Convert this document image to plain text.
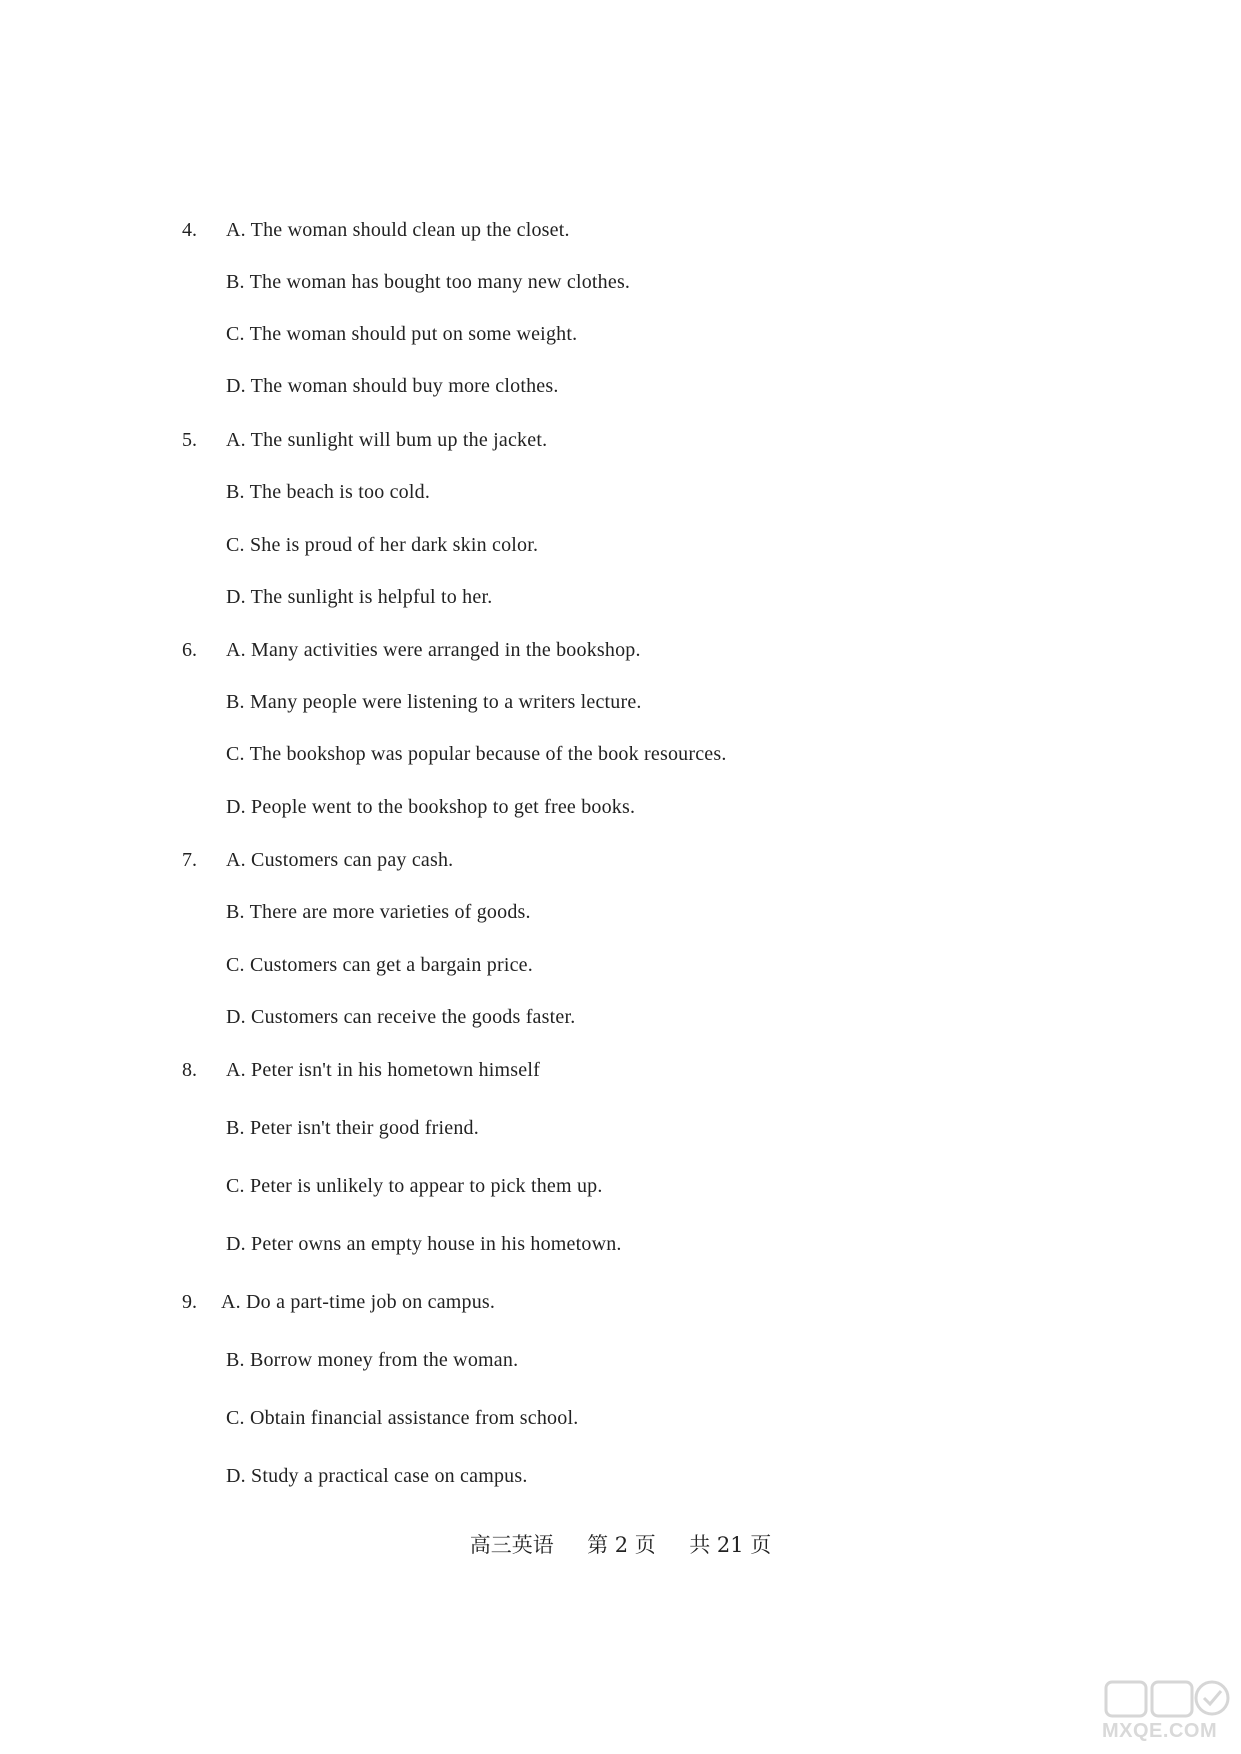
4. A. The woman should clean up the closet.
B. The woman has bought too many new clothes.
C. The woman should put on some weight.
D. The woman should buy more clothes.
5. A. The sunlight will bum up the jacket.
B. The beach is too cold.
C. She is proud of her dark skin color.
D. The sunlight is helpful to her.
6. A. Many activities were arranged in the bookshop.
B. Many people were listening to a writers lecture.
C. The bookshop was popular because of the book resources.
D. People went to the bookshop to get free books.
7. A. Customers can pay cash.
B. There are more varieties of goods.
C. Customers can get a bargain price.
D. Customers can receive the goods faster.
8. A. Peter isn't in his hometown himself
B. Peter isn't their good friend.
C. Peter is unlikely to appear to pick them up.
D. Peter owns an empty house in his hometown.
9. A. Do a part-time job on campus.
B. Borrow money from the woman.
C. Obtain financial assistance from school.
D. Study a practical case on campus.
高三英语 第 2 页 共 21 页
MXQE.COM
